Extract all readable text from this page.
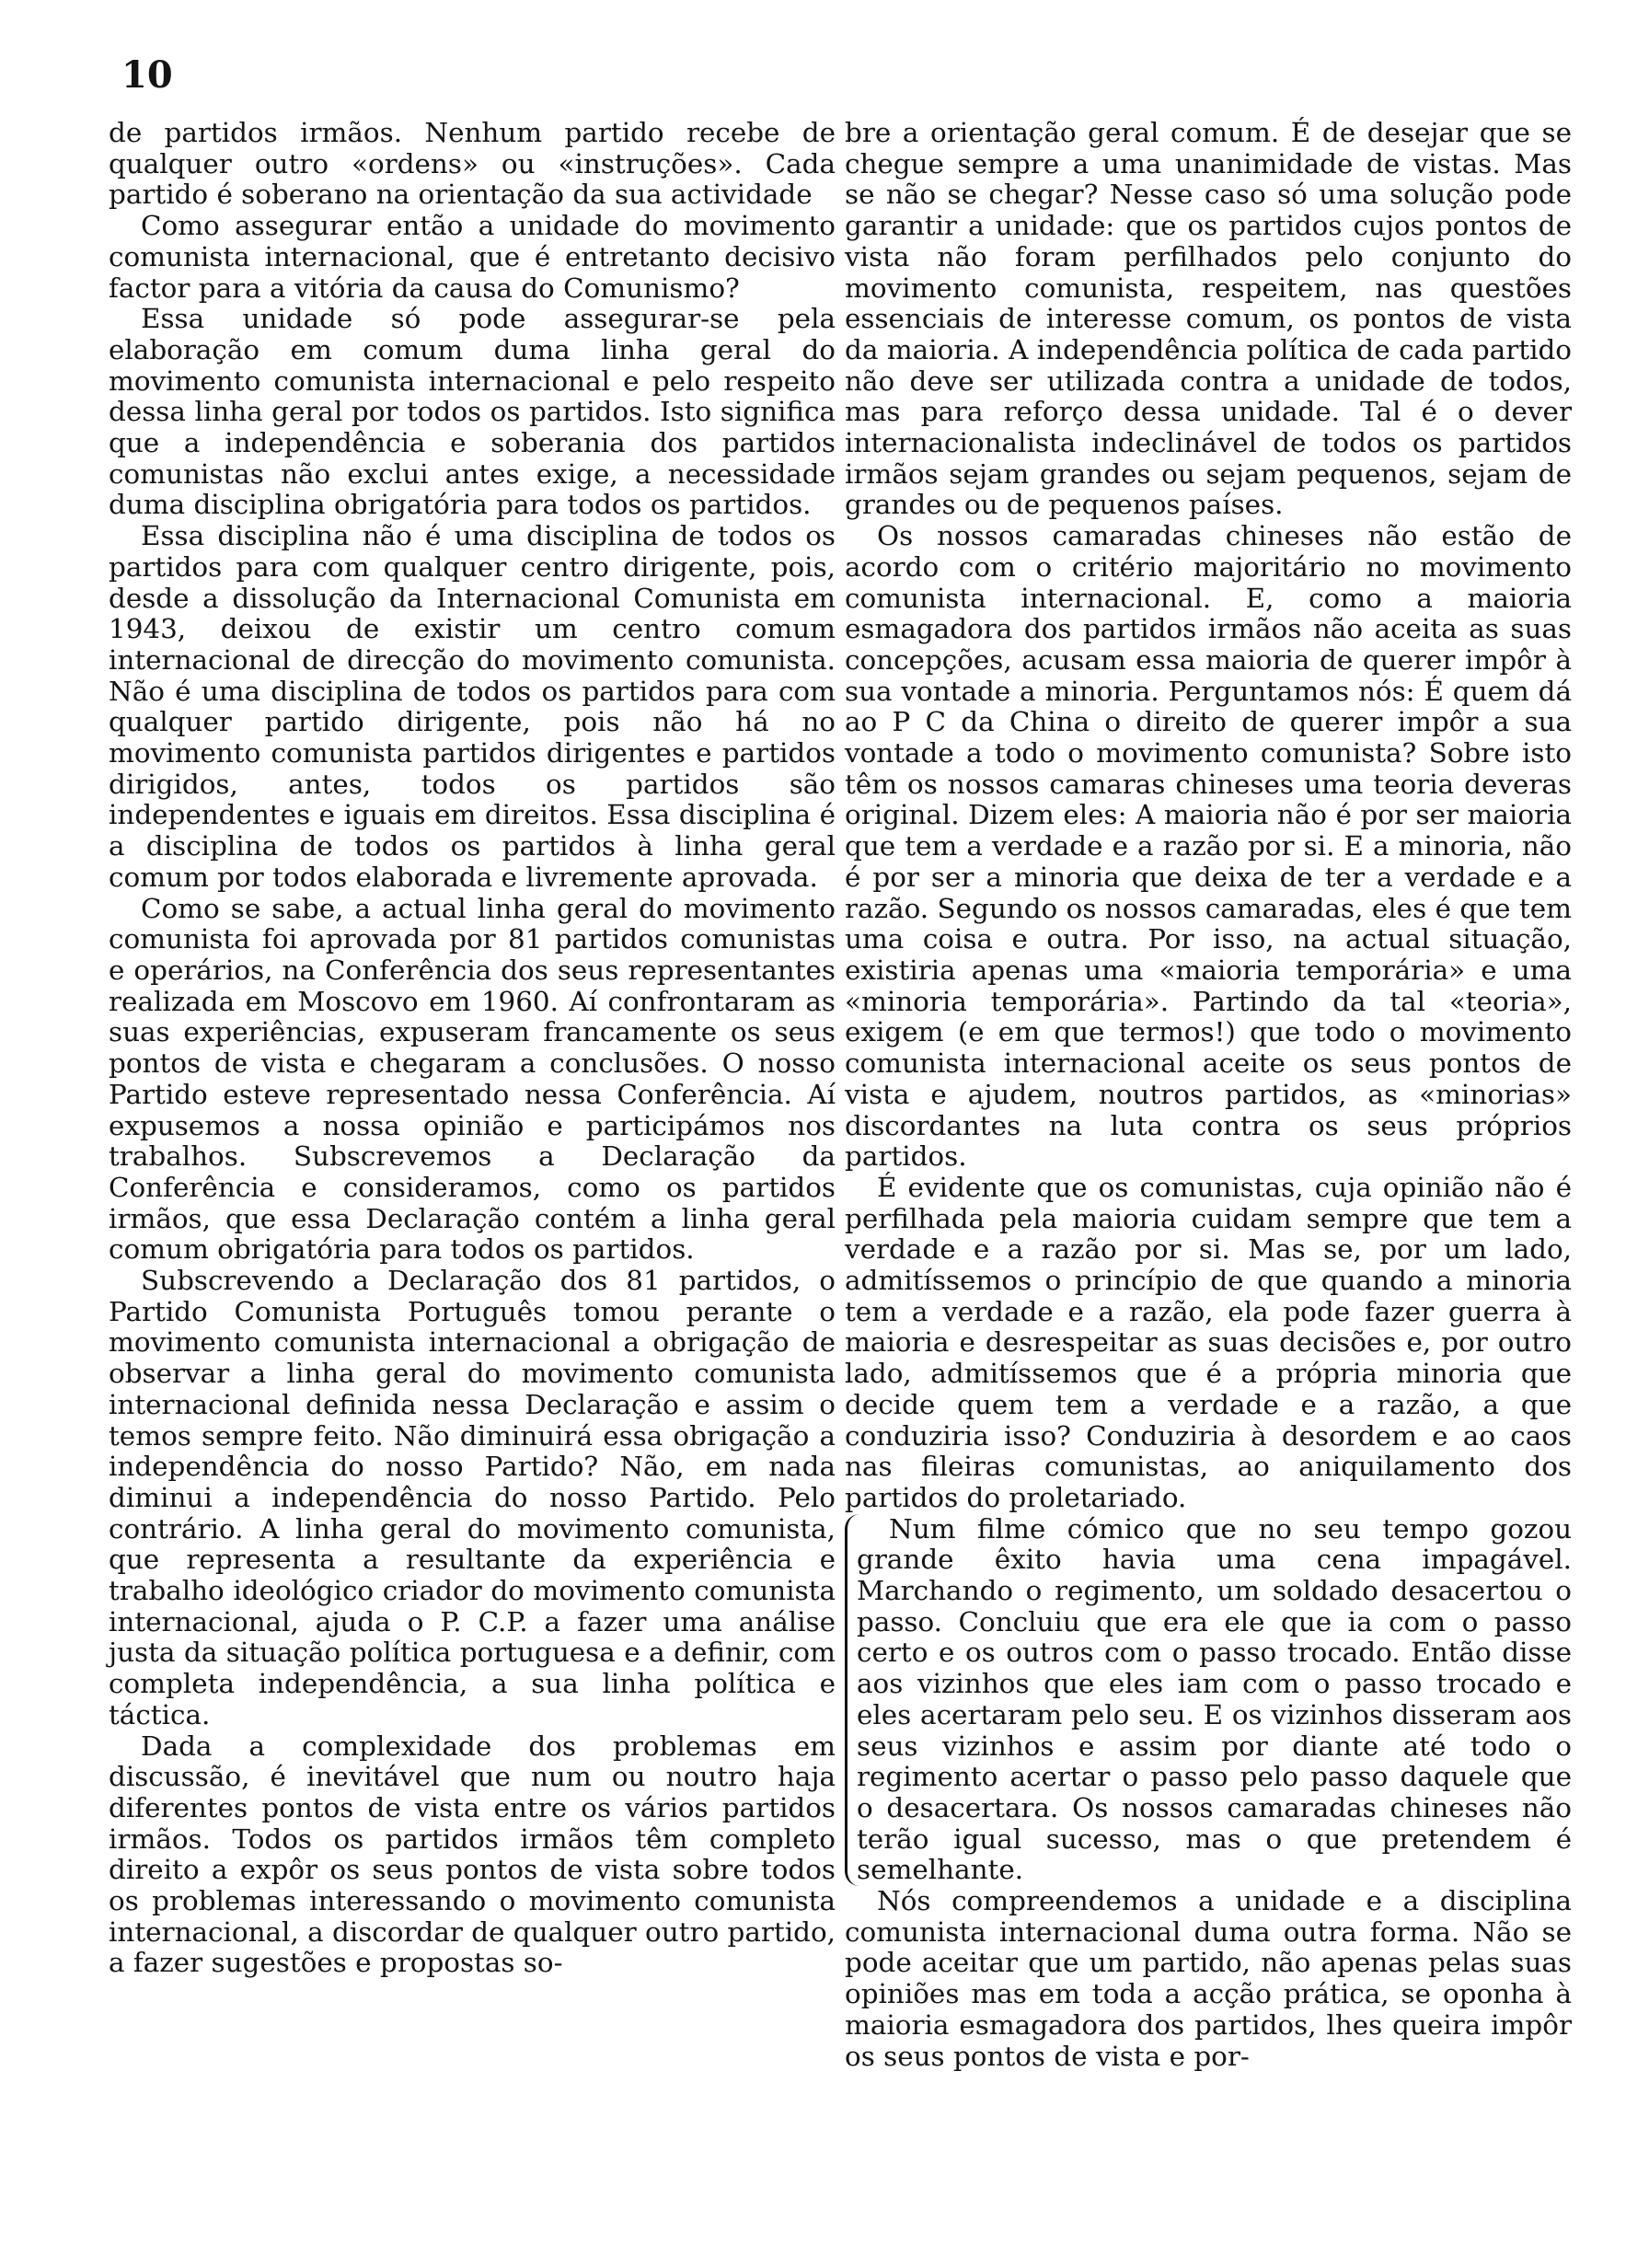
10

de partidos irmãos. Nenhum partido recebe de qualquer outro «ordens» ou «instruções». Cada partido é soberano na orientação da sua actividade

Como assegurar então a unidade do movimento comunista internacional, que é entretanto decisivo factor para a vitória da causa do Comunismo?

Essa unidade só pode assegurar-se pela elaboração em comum duma linha geral do movimento comunista internacional e pelo respeito dessa linha geral por todos os partidos. Isto significa que a independência e soberania dos partidos comunistas não exclui antes exige, a necessidade duma disciplina obrigatória para todos os partidos.

Essa disciplina não é uma disciplina de todos os partidos para com qualquer centro dirigente, pois, desde a dissolução da Internacional Comunista em 1943, deixou de existir um centro comum internacional de direcção do movimento comunista. Não é uma disciplina de todos os partidos para com qualquer partido dirigente, pois não há no movimento comunista partidos dirigentes e partidos dirigidos, antes, todos os partidos são independentes e iguais em direitos. Essa disciplina é a disciplina de todos os partidos à linha geral comum por todos elaborada e livremente aprovada.

Como se sabe, a actual linha geral do movimento comunista foi aprovada por 81 partidos comunistas e operários, na Conferência dos seus representantes realizada em Moscovo em 1960. Aí confrontaram as suas experiências, expuseram francamente os seus pontos de vista e chegaram a conclusões. O nosso Partido esteve representado nessa Conferência. Aí expusemos a nossa opinião e participámos nos trabalhos. Subscrevemos a Declaração da Conferência e consideramos, como os partidos irmãos, que essa Declaração contém a linha geral comum obrigatória para todos os partidos.

Subscrevendo a Declaração dos 81 partidos, o Partido Comunista Português tomou perante o movimento comunista internacional a obrigação de observar a linha geral do movimento comunista internacional definida nessa Declaração e assim o temos sempre feito. Não diminuirá essa obrigação a independência do nosso Partido? Não, em nada diminui a independência do nosso Partido. Pelo contrário. A linha geral do movimento comunista, que representa a resultante da experiência e trabalho ideológico criador do movimento comunista internacional, ajuda o P. C.P. a fazer uma análise justa da situação política portuguesa e a definir, com completa independência, a sua linha política e táctica.

Dada a complexidade dos problemas em discussão, é inevitável que num ou noutro haja diferentes pontos de vista entre os vários partidos irmãos. Todos os partidos irmãos têm completo direito a expôr os seus pontos de vista sobre todos os problemas interessando o movimento comunista internacional, a discordar de qualquer outro partido, a fazer sugestões e propostas so-

bre a orientação geral comum. É de desejar que se chegue sempre a uma unanimidade de vistas. Mas se não se chegar? Nesse caso só uma solução pode garantir a unidade: que os partidos cujos pontos de vista não foram perfilhados pelo conjunto do movimento comunista, respeitem, nas questões essenciais de interesse comum, os pontos de vista da maioria. A independência política de cada partido não deve ser utilizada contra a unidade de todos, mas para reforço dessa unidade. Tal é o dever internacionalista indeclinável de todos os partidos irmãos sejam grandes ou sejam pequenos, sejam de grandes ou de pequenos países.

Os nossos camaradas chineses não estão de acordo com o critério majoritário no movimento comunista internacional. E, como a maioria esmagadora dos partidos irmãos não aceita as suas concepções, acusam essa maioria de querer impôr à sua vontade a minoria. Perguntamos nós: É quem dá ao P C da China o direito de querer impôr a sua vontade a todo o movimento comunista? Sobre isto têm os nossos camaras chineses uma teoria deveras original. Dizem eles: A maioria não é por ser maioria que tem a verdade e a razão por si. E a minoria, não é por ser a minoria que deixa de ter a verdade e a razão. Segundo os nossos camaradas, eles é que tem uma coisa e outra. Por isso, na actual situação, existiria apenas uma «maioria temporária» e uma «minoria temporária». Partindo da tal «teoria», exigem (e em que termos!) que todo o movimento comunista internacional aceite os seus pontos de vista e ajudem, noutros partidos, as «minorias» discordantes na luta contra os seus próprios partidos.

É evidente que os comunistas, cuja opinião não é perfilhada pela maioria cuidam sempre que tem a verdade e a razão por si. Mas se, por um lado, admitíssemos o princípio de que quando a minoria tem a verdade e a razão, ela pode fazer guerra à maioria e desrespeitar as suas decisões e, por outro lado, admitíssemos que é a própria minoria que decide quem tem a verdade e a razão, a que conduziria isso? Conduziria à desordem e ao caos nas fileiras comunistas, ao aniquilamento dos partidos do proletariado.

Num filme cómico que no seu tempo gozou grande êxito havia uma cena impagável. Marchando o regimento, um soldado desacertou o passo. Concluiu que era ele que ia com o passo certo e os outros com o passo trocado. Então disse aos vizinhos que eles iam com o passo trocado e eles acertaram pelo seu. E os vizinhos disseram aos seus vizinhos e assim por diante até todo o regimento acertar o passo pelo passo daquele que o desacertara. Os nossos camaradas chineses não terão igual sucesso, mas o que pretendem é semelhante.

Nós compreendemos a unidade e a disciplina comunista internacional duma outra forma. Não se pode aceitar que um partido, não apenas pelas suas opiniões mas em toda a acção prática, se oponha à maioria esmagadora dos partidos, lhes queira impôr os seus pontos de vista e por-
